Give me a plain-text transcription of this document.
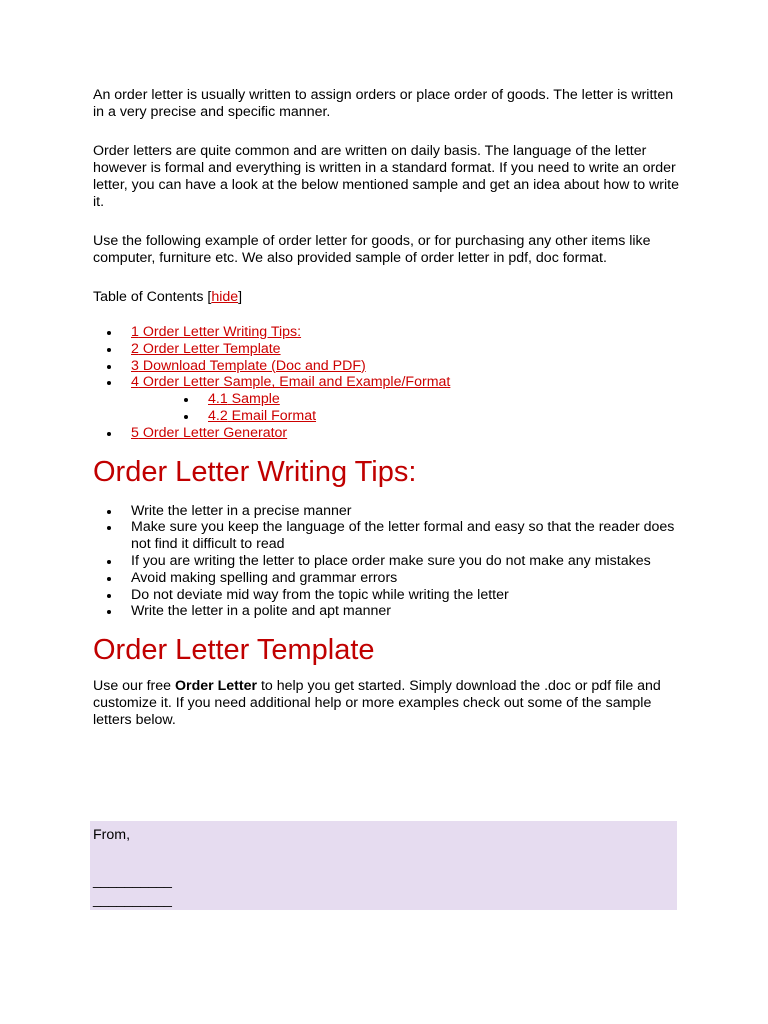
An order letter is usually written to assign orders or place order of goods. The letter is written in a very precise and specific manner.

Order letters are quite common and are written on daily basis. The language of the letter however is formal and everything is written in a standard format. If you need to write an order letter, you can have a look at the below mentioned sample and get an idea about how to write it.

Use the following example of order letter for goods, or for purchasing any other items like computer, furniture etc. We also provided sample of order letter in pdf, doc format.

Table of Contents [hide]

1 Order Letter Writing Tips:
2 Order Letter Template
3 Download Template (Doc and PDF)
4 Order Letter Sample, Email and Example/Format
4.1 Sample
4.2 Email Format
5 Order Letter Generator
Order Letter Writing Tips:
Write the letter in a precise manner
Make sure you keep the language of the letter formal and easy so that the reader does not find it difficult to read
If you are writing the letter to place order make sure you do not make any mistakes
Avoid making spelling and grammar errors
Do not deviate mid way from the topic while writing the letter
Write the letter in a polite and apt manner
Order Letter Template

Use our free Order Letter to help you get started. Simply download the .doc or pdf file and customize it. If you need additional help or more examples check out some of the sample letters below.

From,
__________
__________
